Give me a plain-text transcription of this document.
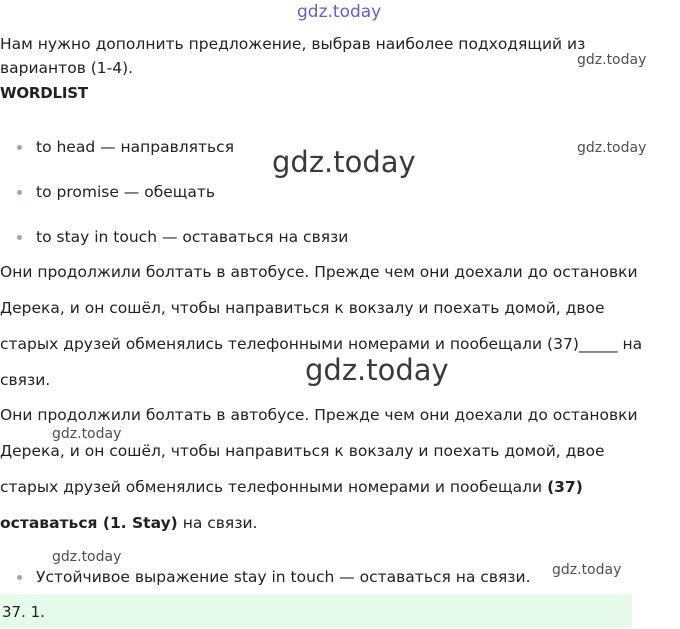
gdz.today
gdz.today
gdz.today
gdz.today
gdz.today
gdz.today
gdz.today
gdz.today
Нам нужно дополнить предложение, выбрав наиболее подходящий из
вариантов (1-4).
WORDLIST
to head — направляться
to promise — обещать
to stay in touch — оставаться на связи
Они продолжили болтать в автобусе. Прежде чем они доехали до остановки
Дерека, и он сошёл, чтобы направиться к вокзалу и поехать домой, двое
старых друзей обменялись телефонными номерами и пообещали (37)_____ на
связи.
Они продолжили болтать в автобусе. Прежде чем они доехали до остановки
Дерека, и он сошёл, чтобы направиться к вокзалу и поехать домой, двое
старых друзей обменялись телефонными номерами и пообещали (37)
оставаться (1. Stay) на связи.
Устойчивое выражение stay in touch — оставаться на связи.
37. 1.
